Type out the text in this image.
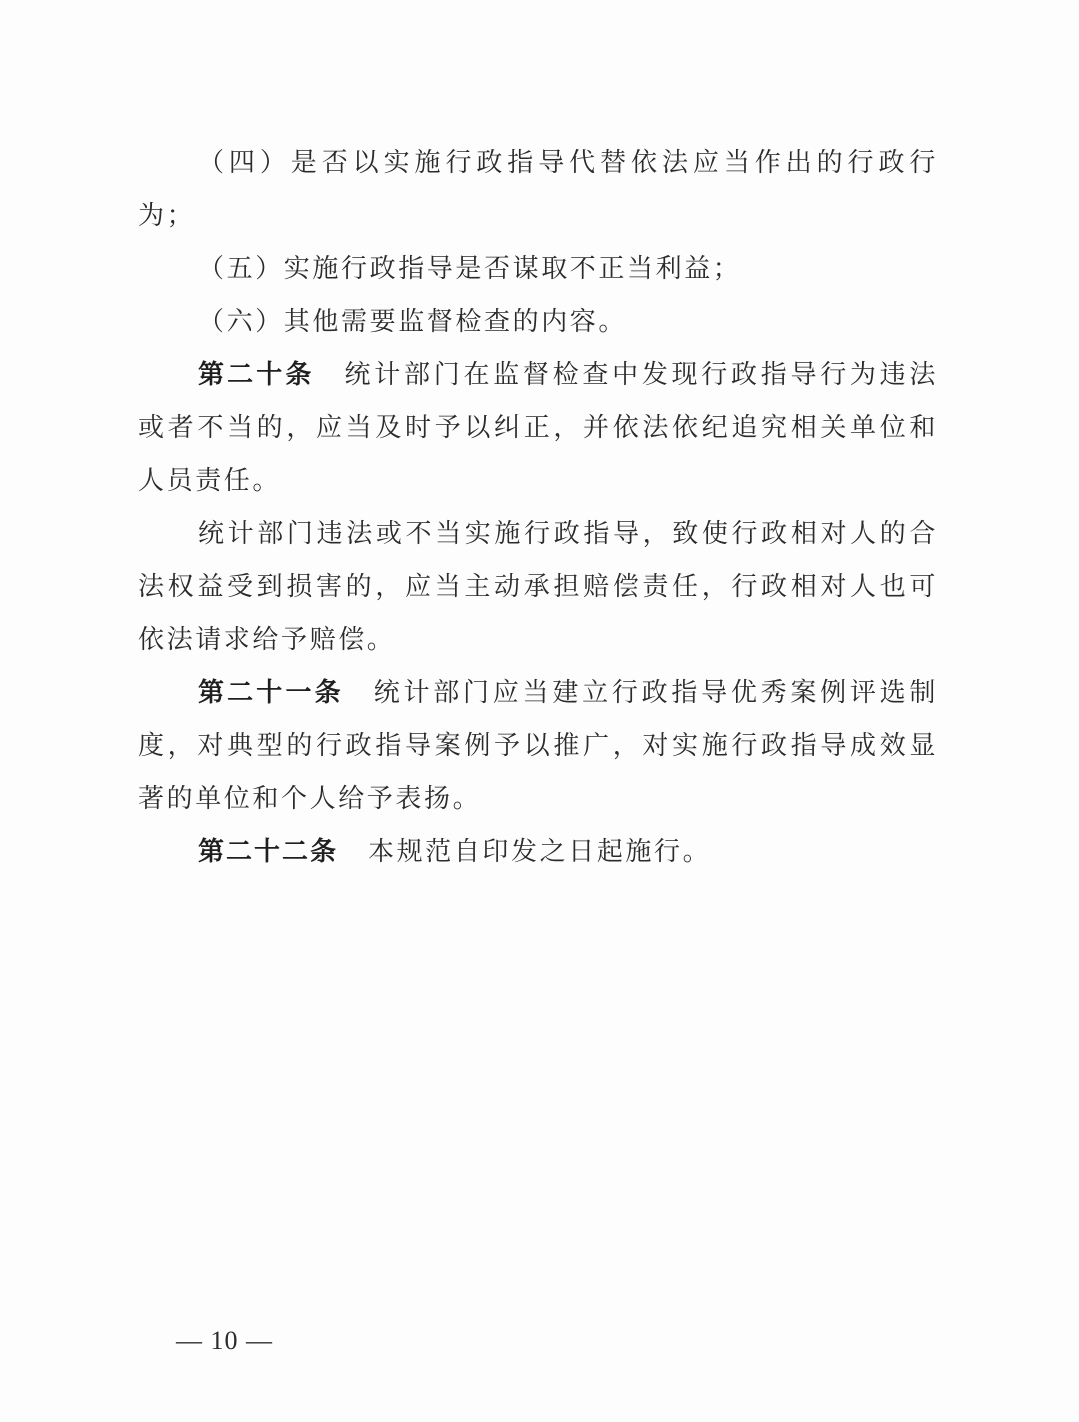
（四）是否以实施行政指导代替依法应当作出的行政行为；

（五）实施行政指导是否谋取不正当利益；

（六）其他需要监督检查的内容。

第二十条 统计部门在监督检查中发现行政指导行为违法或者不当的，应当及时予以纠正，并依法依纪追究相关单位和人员责任。

统计部门违法或不当实施行政指导，致使行政相对人的合法权益受到损害的，应当主动承担赔偿责任，行政相对人也可依法请求给予赔偿。

第二十一条 统计部门应当建立行政指导优秀案例评选制度，对典型的行政指导案例予以推广，对实施行政指导成效显著的单位和个人给予表扬。

第二十二条 本规范自印发之日起施行。

— 10 —
